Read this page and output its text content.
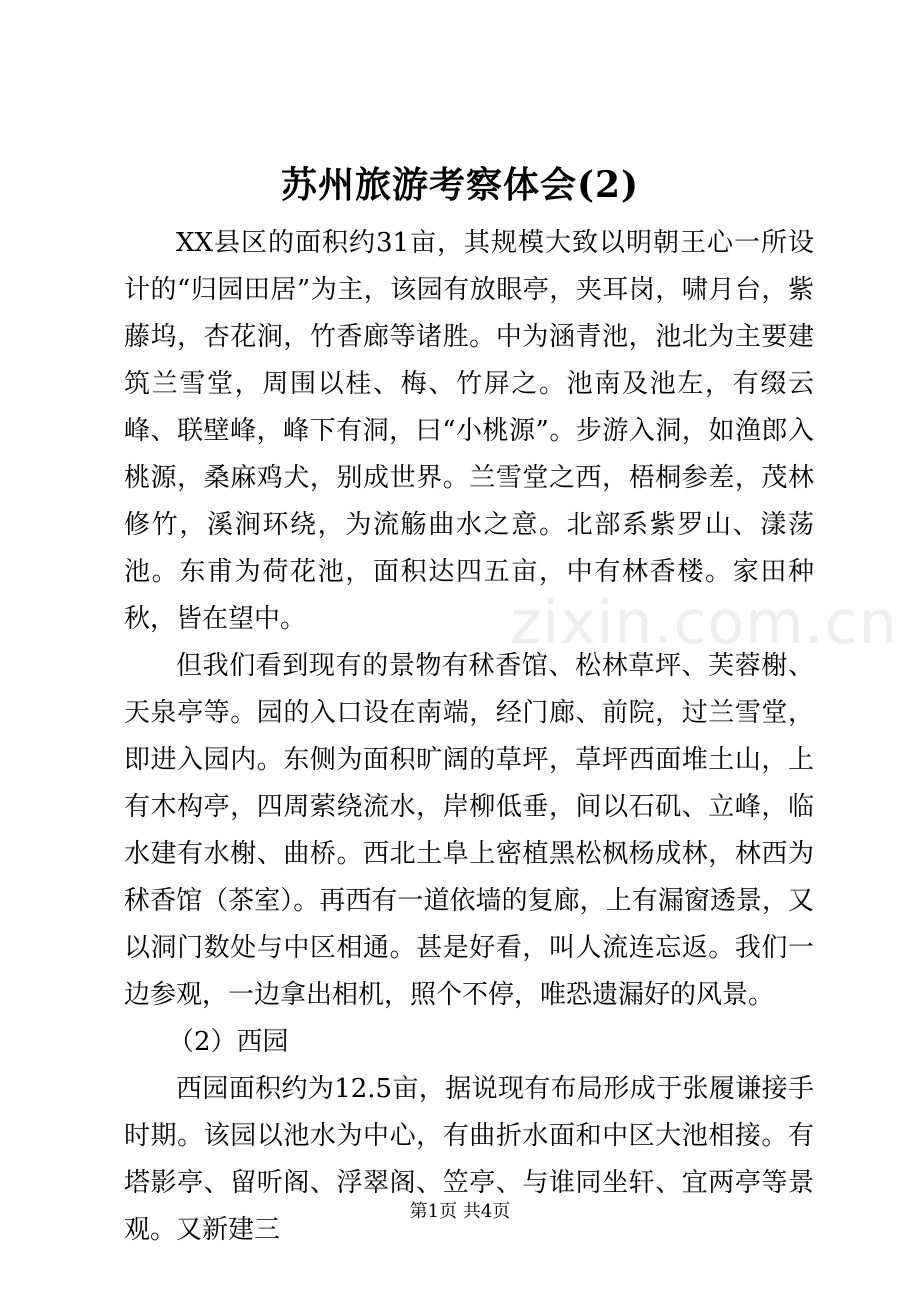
苏州旅游考察体会(2)

XX县区的面积约31亩，其规模大致以明朝王心一所设计的“归园田居”为主，该园有放眼亭，夹耳岗，啸月台，紫藤坞，杏花涧，竹香廊等诸胜。中为涵青池，池北为主要建筑兰雪堂，周围以桂、梅、竹屏之。池南及池左，有缀云峰、联壁峰，峰下有洞，曰“小桃源”。步游入洞，如渔郎入桃源，桑麻鸡犬，别成世界。兰雪堂之西，梧桐参差，茂林修竹，溪涧环绕，为流觞曲水之意。北部系紫罗山、漾荡池。东甫为荷花池，面积达四五亩，中有林香楼。家田种秋，皆在望中。

但我们看到现有的景物有秫香馆、松林草坪、芙蓉榭、天泉亭等。园的入口设在南端，经门廊、前院，过兰雪堂，即进入园内。东侧为面积旷阔的草坪，草坪西面堆土山，上有木构亭，四周萦绕流水，岸柳低垂，间以石矶、立峰，临水建有水榭、曲桥。西北土阜上密植黑松枫杨成林，林西为秫香馆（茶室）。再西有一道依墙的复廊，上有漏窗透景，又以洞门数处与中区相通。甚是好看，叫人流连忘返。我们一边参观，一边拿出相机，照个不停，唯恐遗漏好的风景。

（2）西园

西园面积约为12.5亩，据说现有布局形成于张履谦接手时期。该园以池水为中心，有曲折水面和中区大池相接。有塔影亭、留听阁、浮翠阁、笠亭、与谁同坐轩、宜两亭等景观。又新建三

zixin.com.cn
第1页 共4页
